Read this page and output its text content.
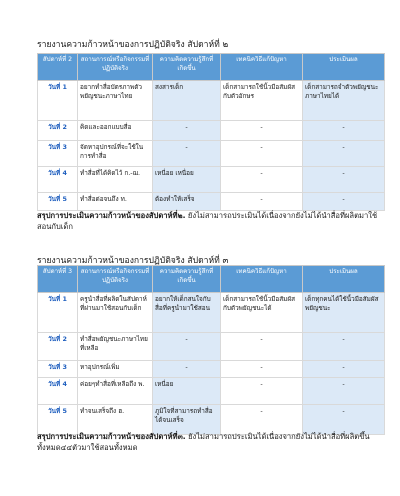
รายงานความก้าวหน้าของการปฏิบัติจริง สัปดาห์ที่ ๒
สัปดาห์ที่ 2	สถานการณ์หรือกิจกรรมที่ปฏิบัติจริง	ความคิดความรู้สึกที่เกิดขึ้น	เทคนิควิธีแก้ปัญหา	ประเมินผล
วันที่ 1	อยากทำสื่อบัตรภาพตัวพยัญชนะภาษาไทย	สงสารเด็ก	เด็กสามารถใช้นิ้วมือสัมผัสกับตัวอักษร	เด็กสามารถจำตัวพยัญชนะภาษาไทยได้
วันที่ 2	คิดและออกแบบสื่อ	-	-	-
วันที่ 3	จัดหาอุปกรณ์ที่จะใช้ในการทำสื่อ	-	-	-
วันที่ 4	ทำสื่อที่ได้คิดไว้ ก.-ฌ.	เหนื่อย เหนื่อย	-	-
วันที่ 5	ทำสื่อต่อจนถึง ท.	ต้องทำให้เสร็จ	-	-
สรุปการประเมินความก้าวหน้าของสัปดาห์ที่๒. ยังไม่สามารถประเมินได้เนื่องจากยังไม่ได้นำสื่อที่ผลิตมาใช้สอนกับเด็ก
รายงานความก้าวหน้าของการปฏิบัติจริง สัปดาห์ที่ ๓
สัปดาห์ที่ 3	สถานการณ์หรือกิจกรรมที่ปฏิบัติจริง	ความคิดความรู้สึกที่เกิดขึ้น	เทคนิควิธีแก้ปัญหา	ประเมินผล
วันที่ 1	ครูนำสื่อที่ผลิตในสัปดาห์ที่ผ่านมาใช้สอนกับเด็ก	อยากให้เด็กสนใจกับสื่อที่ครูนำมาใช้สอน	เด็กสามารถใช้นิ้วมือสัมผัสกับตัวพยัญชนะได้	เด็กทุกคนได้ใช้นิ้วมือสัมผัสพยัญชนะ
วันที่ 2	ทำสื่อพยัญชนะภาษาไทยที่เหลือ	-	-	-
วันที่ 3	หาอุปกรณ์เพิ่ม	-	-	-
วันที่ 4	ค่อยๆทำสื่อที่เหลือถึง พ.	เหนื่อย	-	-
วันที่ 5	ทำจนเสร็จถึง ฮ.	ภูมิใจที่สามารถทำสื่อได้จนเสร็จ	-	-
สรุปการประเมินความก้าวหน้าของสัปดาห์ที่๓. ยังไม่สามารถประเมินได้เนื่องจากยังไม่ได้นำสื่อที่ผลิตขึ้นทั้งหมด๔๔ตัวมาใช้สอนทั้งหมด
